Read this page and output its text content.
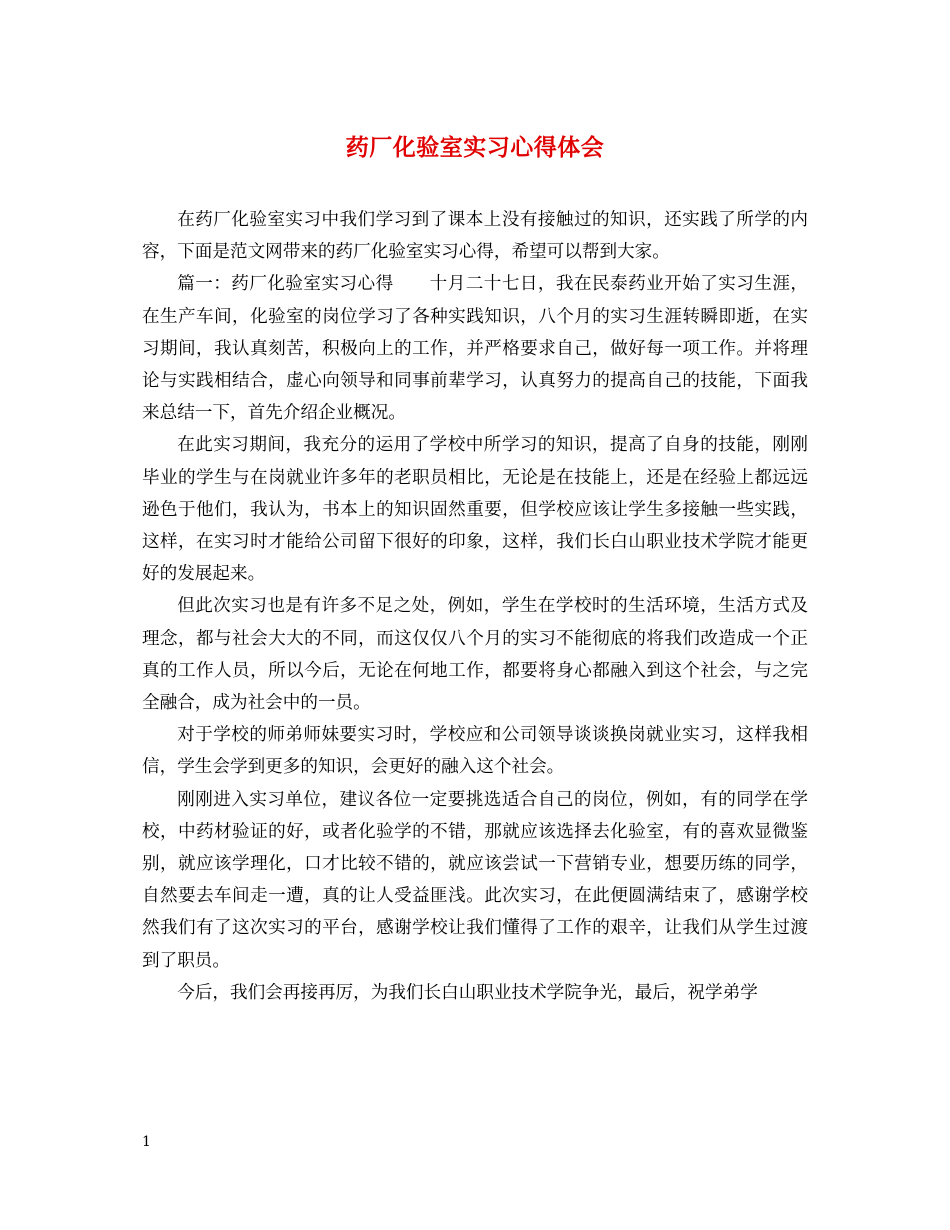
药厂化验室实习心得体会

在药厂化验室实习中我们学习到了课本上没有接触过的知识，还实践了所学的内容，下面是范文网带来的药厂化验室实习心得，希望可以帮到大家。

篇一：药厂化验室实习心得　　十月二十七日，我在民泰药业开始了实习生涯，在生产车间，化验室的岗位学习了各种实践知识，八个月的实习生涯转瞬即逝，在实习期间，我认真刻苦，积极向上的工作，并严格要求自己，做好每一项工作。并将理论与实践相结合，虚心向领导和同事前辈学习，认真努力的提高自己的技能，下面我来总结一下，首先介绍企业概况。

在此实习期间，我充分的运用了学校中所学习的知识，提高了自身的技能，刚刚毕业的学生与在岗就业许多年的老职员相比，无论是在技能上，还是在经验上都远远逊色于他们，我认为，书本上的知识固然重要，但学校应该让学生多接触一些实践，这样，在实习时才能给公司留下很好的印象，这样，我们长白山职业技术学院才能更好的发展起来。

但此次实习也是有许多不足之处，例如，学生在学校时的生活环境，生活方式及理念，都与社会大大的不同，而这仅仅八个月的实习不能彻底的将我们改造成一个正真的工作人员，所以今后，无论在何地工作，都要将身心都融入到这个社会，与之完全融合，成为社会中的一员。

对于学校的师弟师妹要实习时，学校应和公司领导谈谈换岗就业实习，这样我相信，学生会学到更多的知识，会更好的融入这个社会。

刚刚进入实习单位，建议各位一定要挑选适合自己的岗位，例如，有的同学在学校，中药材验证的好，或者化验学的不错，那就应该选择去化验室，有的喜欢显微鉴别，就应该学理化，口才比较不错的，就应该尝试一下营销专业，想要历练的同学，自然要去车间走一遭，真的让人受益匪浅。此次实习，在此便圆满结束了，感谢学校然我们有了这次实习的平台，感谢学校让我们懂得了工作的艰辛，让我们从学生过渡到了职员。

今后，我们会再接再厉，为我们长白山职业技术学院争光，最后，祝学弟学

1
